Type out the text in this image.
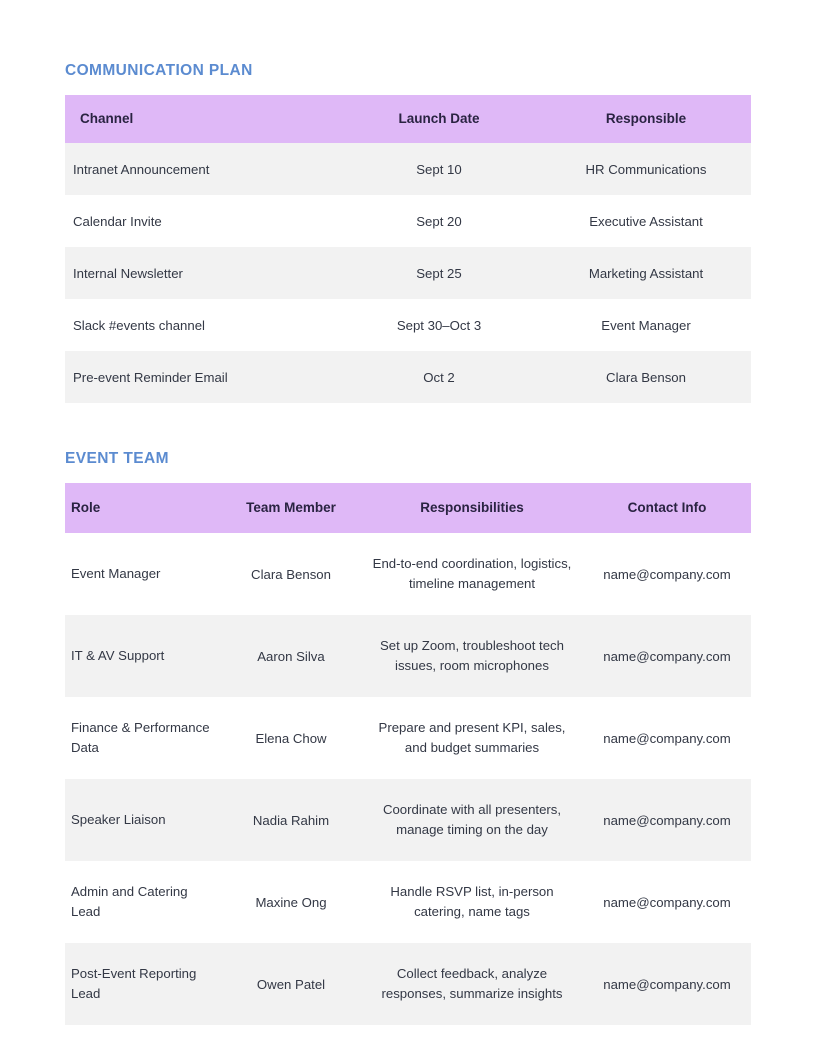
COMMUNICATION PLAN
Channel	Launch Date	Responsible
Intranet Announcement	Sept 10	HR Communications
Calendar Invite	Sept 20	Executive Assistant
Internal Newsletter	Sept 25	Marketing Assistant
Slack #events channel	Sept 30–Oct 3	Event Manager
Pre-event Reminder Email	Oct 2	Clara Benson
EVENT TEAM
Role	Team Member	Responsibilities	Contact Info
Event Manager	Clara Benson	End-to-end coordination, logistics, timeline management	name@company.com
IT & AV Support	Aaron Silva	Set up Zoom, troubleshoot tech issues, room microphones	name@company.com
Finance & Performance Data	Elena Chow	Prepare and present KPI, sales, and budget summaries	name@company.com
Speaker Liaison	Nadia Rahim	Coordinate with all presenters, manage timing on the day	name@company.com
Admin and Catering Lead	Maxine Ong	Handle RSVP list, in-person catering, name tags	name@company.com
Post-Event Reporting Lead	Owen Patel	Collect feedback, analyze responses, summarize insights	name@company.com
